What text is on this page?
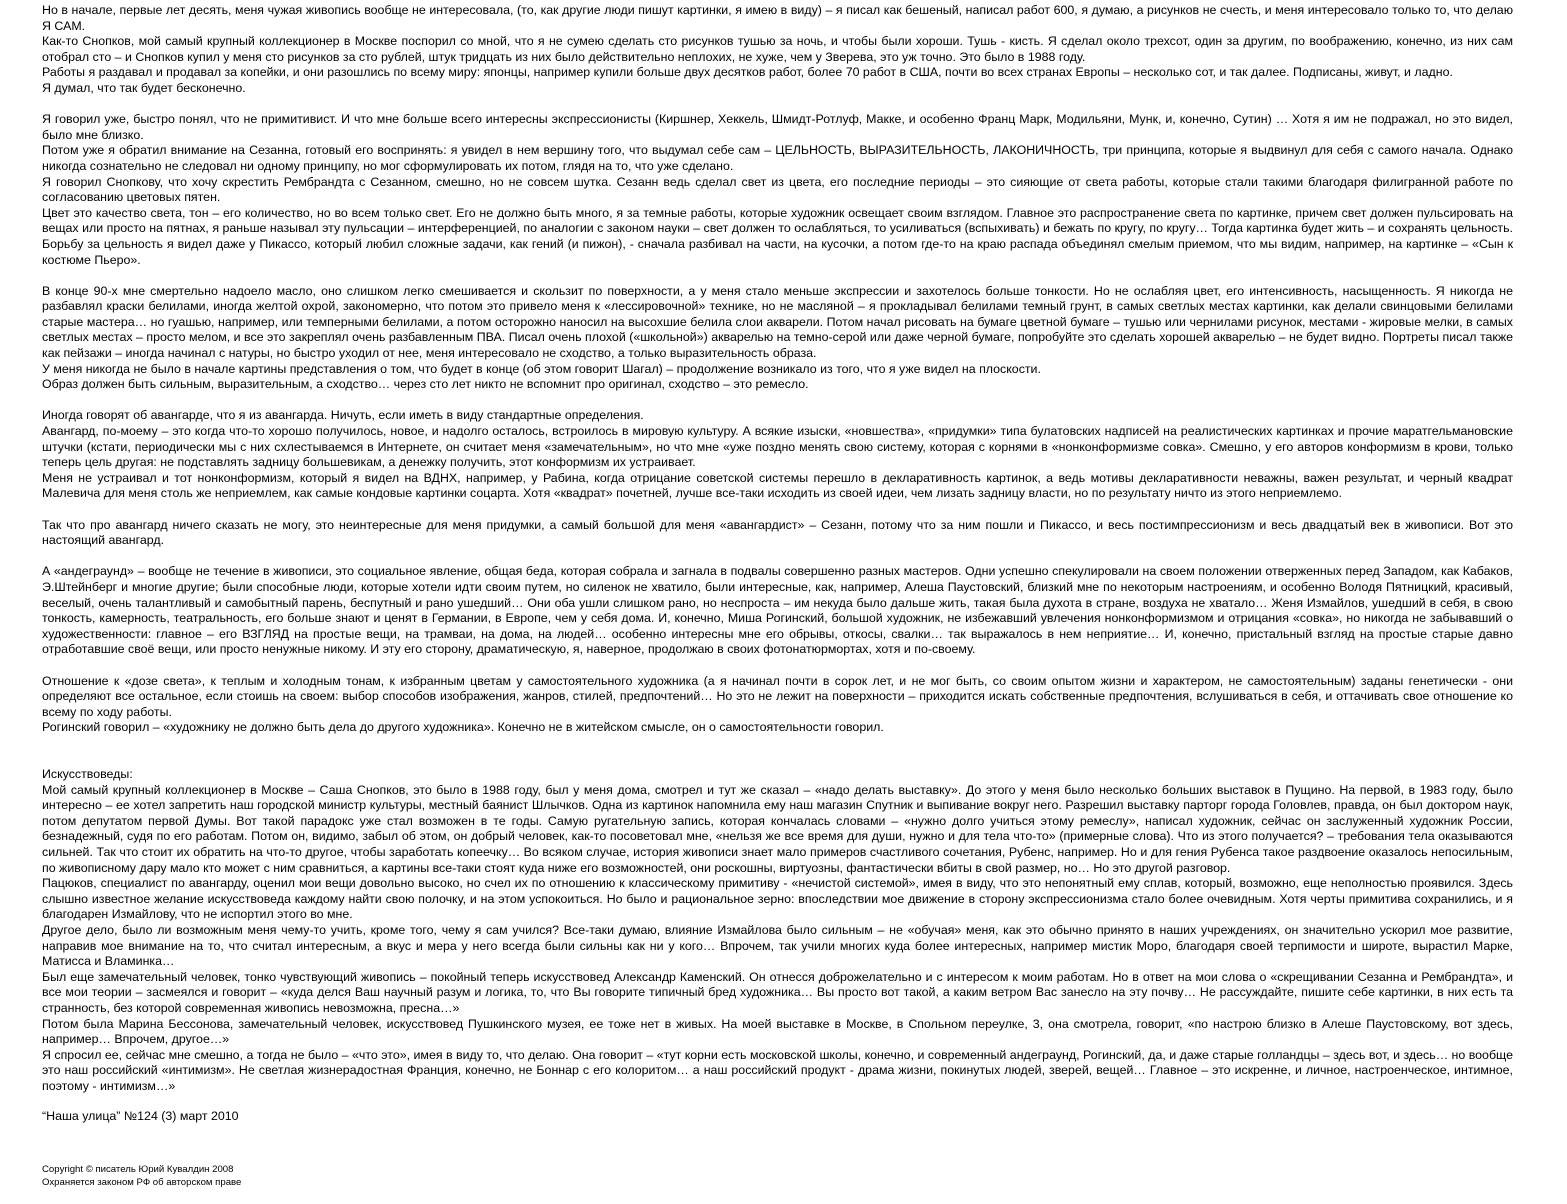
Но в начале, первые лет десять, меня чужая живопись вообще не интересовала, (то, как другие люди пишут картинки, я имею в виду) – я писал как бешеный, написал работ 600, я думаю, а рисунков не счесть, и меня интересовало только то, что делаю Я САМ.

Как-то Снопков, мой самый крупный коллекционер в Москве поспорил со мной, что я не сумею сделать сто рисунков тушью за ночь, и чтобы были хороши. Тушь - кисть. Я сделал около трехсот, один за другим, по воображению, конечно, из них сам отобрал сто – и Снопков купил у меня сто рисунков за сто рублей, штук тридцать из них было действительно неплохих, не хуже, чем у Зверева, это уж точно. Это было в 1988 году.

Работы я раздавал и продавал за копейки, и они разошлись по всему миру: японцы, например купили больше двух десятков работ, более 70 работ в США, почти во всех странах Европы – несколько сот, и так далее. Подписаны, живут, и ладно.

Я думал, что так будет бесконечно.

Я говорил уже, быстро понял, что не примитивист. И что мне больше всего интересны экспрессионисты (Киршнер, Хеккель, Шмидт-Ротлуф, Макке, и особенно Франц Марк, Модильяни, Мунк, и, конечно, Сутин) … Хотя я им не подражал, но это видел, было мне близко.

Потом уже я обратил внимание на Сезанна, готовый его воспринять: я увидел в нем вершину того, что выдумал себе сам – ЦЕЛЬНОСТЬ, ВЫРАЗИТЕЛЬНОСТЬ, ЛАКОНИЧНОСТЬ, три принципа, которые я выдвинул для себя с самого начала. Однако никогда сознательно не следовал ни одному принципу, но мог сформулировать их потом, глядя на то, что уже сделано.

Я говорил Снопкову, что хочу скрестить Рембрандта с Сезанном, смешно, но не совсем шутка. Сезанн ведь сделал свет из цвета, его последние периоды – это сияющие от света работы, которые стали такими благодаря филигранной работе по согласованию цветовых пятен.

Цвет это качество света, тон – его количество, но во всем только свет. Его не должно быть много, я за темные работы, которые художник освещает своим взглядом. Главное это распространение света по картинке, причем свет должен пульсировать на вещах или просто на пятнах, я раньше называл эту пульсации – интерференцией, по аналогии с законом науки – свет должен то ослабляться, то усиливаться (вспыхивать) и бежать по кругу, по кругу… Тогда картинка будет жить – и сохранять цельность. Борьбу за цельность я видел даже у Пикассо, который любил сложные задачи, как гений (и пижон), - сначала разбивал на части, на кусочки, а потом где-то на краю распада объединял смелым приемом, что мы видим, например, на картинке – «Сын к костюме Пьеро».

В конце 90-х мне смертельно надоело масло, оно слишком легко смешивается и скользит по поверхности, а у меня стало меньше экспрессии и захотелось больше тонкости. Но не ослабляя цвет, его интенсивность, насыщенность. Я никогда не разбавлял краски белилами, иногда желтой охрой, закономерно, что потом это привело меня к «лессировочной» технике, но не масляной – я прокладывал белилами темный грунт, в самых светлых местах картинки, как делали свинцовыми белилами старые мастера… но гуашью, например, или темперными белилами, а потом осторожно наносил на высохшие белила слои акварели. Потом начал рисовать на бумаге цветной бумаге – тушью или чернилами рисунок, местами - жировые мелки, в самых светлых местах – просто мелом, и все это закреплял очень разбавленным ПВА. Писал очень плохой («школьной») акварелью на темно-серой или даже черной бумаге, попробуйте это сделать хорошей акварелью – не будет видно. Портреты писал также как пейзажи – иногда начинал с натуры, но быстро уходил от нее, меня интересовало не сходство, а только выразительность образа.

У меня никогда не было в начале картины представления о том, что будет в конце (об этом говорит Шагал) – продолжение возникало из того, что я уже видел на плоскости.

Образ должен быть сильным, выразительным, а сходство… через сто лет никто не вспомнит про оригинал, сходство – это ремесло.

Иногда говорят об авангарде, что я из авангарда. Ничуть, если иметь в виду стандартные определения.

Авангард, по-моему – это когда что-то хорошо получилось, новое, и надолго осталось, встроилось в мировую культуру. А всякие изыски, «новшества», «придумки» типа булатовских надписей на реалистических картинках и прочие маратгельмановские штучки (кстати, периодически мы с них схлестываемся в Интернете, он считает меня «замечательным», но что мне «уже поздно менять свою систему, которая с корнями в «нонконформизме совка». Смешно, у его авторов конформизм в крови, только теперь цель другая: не подставлять задницу большевикам, а денежку получить, этот конформизм их устраивает.

Меня не устраивал и тот нонконформизм, который я видел на ВДНХ, например, у Рабина, когда отрицание советской системы перешло в декларативность картинок, а ведь мотивы декларативности неважны, важен результат, и черный квадрат Малевича для меня столь же неприемлем, как самые кондовые картинки соцарта. Хотя «квадрат» почетней, лучше все-таки исходить из своей идеи, чем лизать задницу власти, но по результату ничто из этого неприемлемо.

Так что про авангард ничего сказать не могу, это неинтересные для меня придумки, а самый большой для меня «авангардист» – Сезанн, потому что за ним пошли и Пикассо, и весь постимпрессионизм и весь двадцатый век в живописи. Вот это настоящий авангард.

А «андеграунд» – вообще не течение в живописи, это социальное явление, общая беда, которая собрала и загнала в подвалы совершенно разных мастеров. Одни успешно спекулировали на своем положении отверженных перед Западом, как Кабаков, Э.Штейнберг и многие другие; были способные люди, которые хотели идти своим путем, но силенок не хватило, были интересные, как, например, Алеша Паустовский, близкий мне по некоторым настроениям, и особенно Володя Пятницкий, красивый, веселый, очень талантливый и самобытный парень, беспутный и рано ушедший… Они оба ушли слишком рано, но неспроста – им некуда было дальше жить, такая была духота в стране, воздуха не хватало… Женя Измайлов, ушедший в себя, в свою тонкость, камерность, театральность, его больше знают и ценят в Германии, в Европе, чем у себя дома. И, конечно, Миша Рогинский, большой художник, не избежавший увлечения нонконформизмом и отрицания «совка», но никогда не забывавший о художественности: главное – его ВЗГЛЯД на простые вещи, на трамваи, на дома, на людей… особенно интересны мне его обрывы, откосы, свалки… так выражалось в нем неприятие… И, конечно, пристальный взгляд на простые старые давно отработавшие своё вещи, или просто ненужные никому. И эту его сторону, драматическую, я, наверное, продолжаю в своих фотонатюрмортах, хотя и по-своему.

Отношение к «дозе света», к теплым и холодным тонам, к избранным цветам у самостоятельного художника (а я начинал почти в сорок лет, и не мог быть, со своим опытом жизни и характером, не самостоятельным) заданы генетически - они определяют все остальное, если стоишь на своем: выбор способов изображения, жанров, стилей, предпочтений… Но это не лежит на поверхности – приходится искать собственные предпочтения, вслушиваться в себя, и оттачивать свое отношение ко всему по ходу работы.

Рогинский говорил – «художнику не должно быть дела до другого художника». Конечно не в житейском смысле, он о самостоятельности говорил.

Искусствоведы:

Мой самый крупный коллекционер в Москве – Саша Снопков, это было в 1988 году, был у меня дома, смотрел и тут же сказал – «надо делать выставку». До этого у меня было несколько больших выставок в Пущино. На первой, в 1983 году, было интересно – ее хотел запретить наш городской министр культуры, местный баянист Шлычков. Одна из картинок напомнила ему наш магазин Спутник и выпивание вокруг него. Разрешил выставку парторг города Головлев, правда, он был доктором наук, потом депутатом первой Думы. Вот такой парадокс уже стал возможен в те годы. Самую ругательную запись, которая кончалась словами – «нужно долго учиться этому ремеслу», написал художник, сейчас он заслуженный художник России, безнадежный, судя по его работам. Потом он, видимо, забыл об этом, он добрый человек, как-то посоветовал мне, «нельзя же все время для души, нужно и для тела что-то» (примерные слова). Что из этого получается? – требования тела оказываются сильней. Так что стоит их обратить на что-то другое, чтобы заработать копеечку… Во всяком случае, история живописи знает мало примеров счастливого сочетания, Рубенс, например. Но и для гения Рубенса такое раздвоение оказалось непосильным, по живописному дару мало кто может с ним сравниться, а картины все-таки стоят куда ниже его возможностей, они роскошны, виртуозны, фантастически вбиты в свой размер, но… Но это другой разговор.

Пацюков, специалист по авангарду, оценил мои вещи довольно высоко, но счел их по отношению к классическому примитиву - «нечистой системой», имея в виду, что это непонятный ему сплав, который, возможно, еще неполностью проявился. Здесь слышно известное желание искусствоведа каждому найти свою полочку, и на этом успокоиться. Но было и рациональное зерно: впоследствии мое движение в сторону экспрессионизма стало более очевидным. Хотя черты примитива сохранились, и я благодарен Измайлову, что не испортил этого во мне.

Другое дело, было ли возможным меня чему-то учить, кроме того, чему я сам учился? Все-таки думаю, влияние Измайлова было сильным – не «обучая» меня, как это обычно принято в наших учреждениях, он значительно ускорил мое развитие, направив мое внимание на то, что считал интересным, а вкус и мера у него всегда были сильны как ни у кого… Впрочем, так учили многих куда более интересных, например мистик Моро, благодаря своей терпимости и широте, вырастил Марке, Матисса и Вламинка…

Был еще замечательный человек, тонко чувствующий живопись – покойный теперь искусствовед Александр Каменский. Он отнесся доброжелательно и с интересом к моим работам. Но в ответ на мои слова о «скрещивании Сезанна и Рембрандта», и все мои теории – засмеялся и говорит – «куда делся Ваш научный разум и логика, то, что Вы говорите типичный бред художника… Вы просто вот такой, а каким ветром Вас занесло на эту почву… Не рассуждайте, пишите себе картинки, в них есть та странность, без которой современная живопись невозможна, пресна…»

Потом была Марина Бессонова, замечательный человек, искусствовед Пушкинского музея, ее тоже нет в живых. На моей выставке в Москве, в Спольном переулке, 3, она смотрела, говорит, «по настрою близко в Алеше Паустовскому, вот здесь, например… Впрочем, другое…»

Я спросил ее, сейчас мне смешно, а тогда не было – «что это», имея в виду то, что делаю. Она говорит – «тут корни есть московской школы, конечно, и современный андеграунд, Рогинский, да, и даже старые голландцы – здесь вот, и здесь… но вообще это наш российский «интимизм». Не светлая жизнерадостная Франция, конечно, не Боннар с его колоритом… а наш российский продукт - драма жизни, покинутых людей, зверей, вещей… Главное – это искренне, и личное, настроенческое, интимное, поэтому - интимизм…»

“Наша улица” №124 (3) март 2010

Copyright © писатель Юрий Кувалдин 2008

Охраняется законом РФ об авторском праве
